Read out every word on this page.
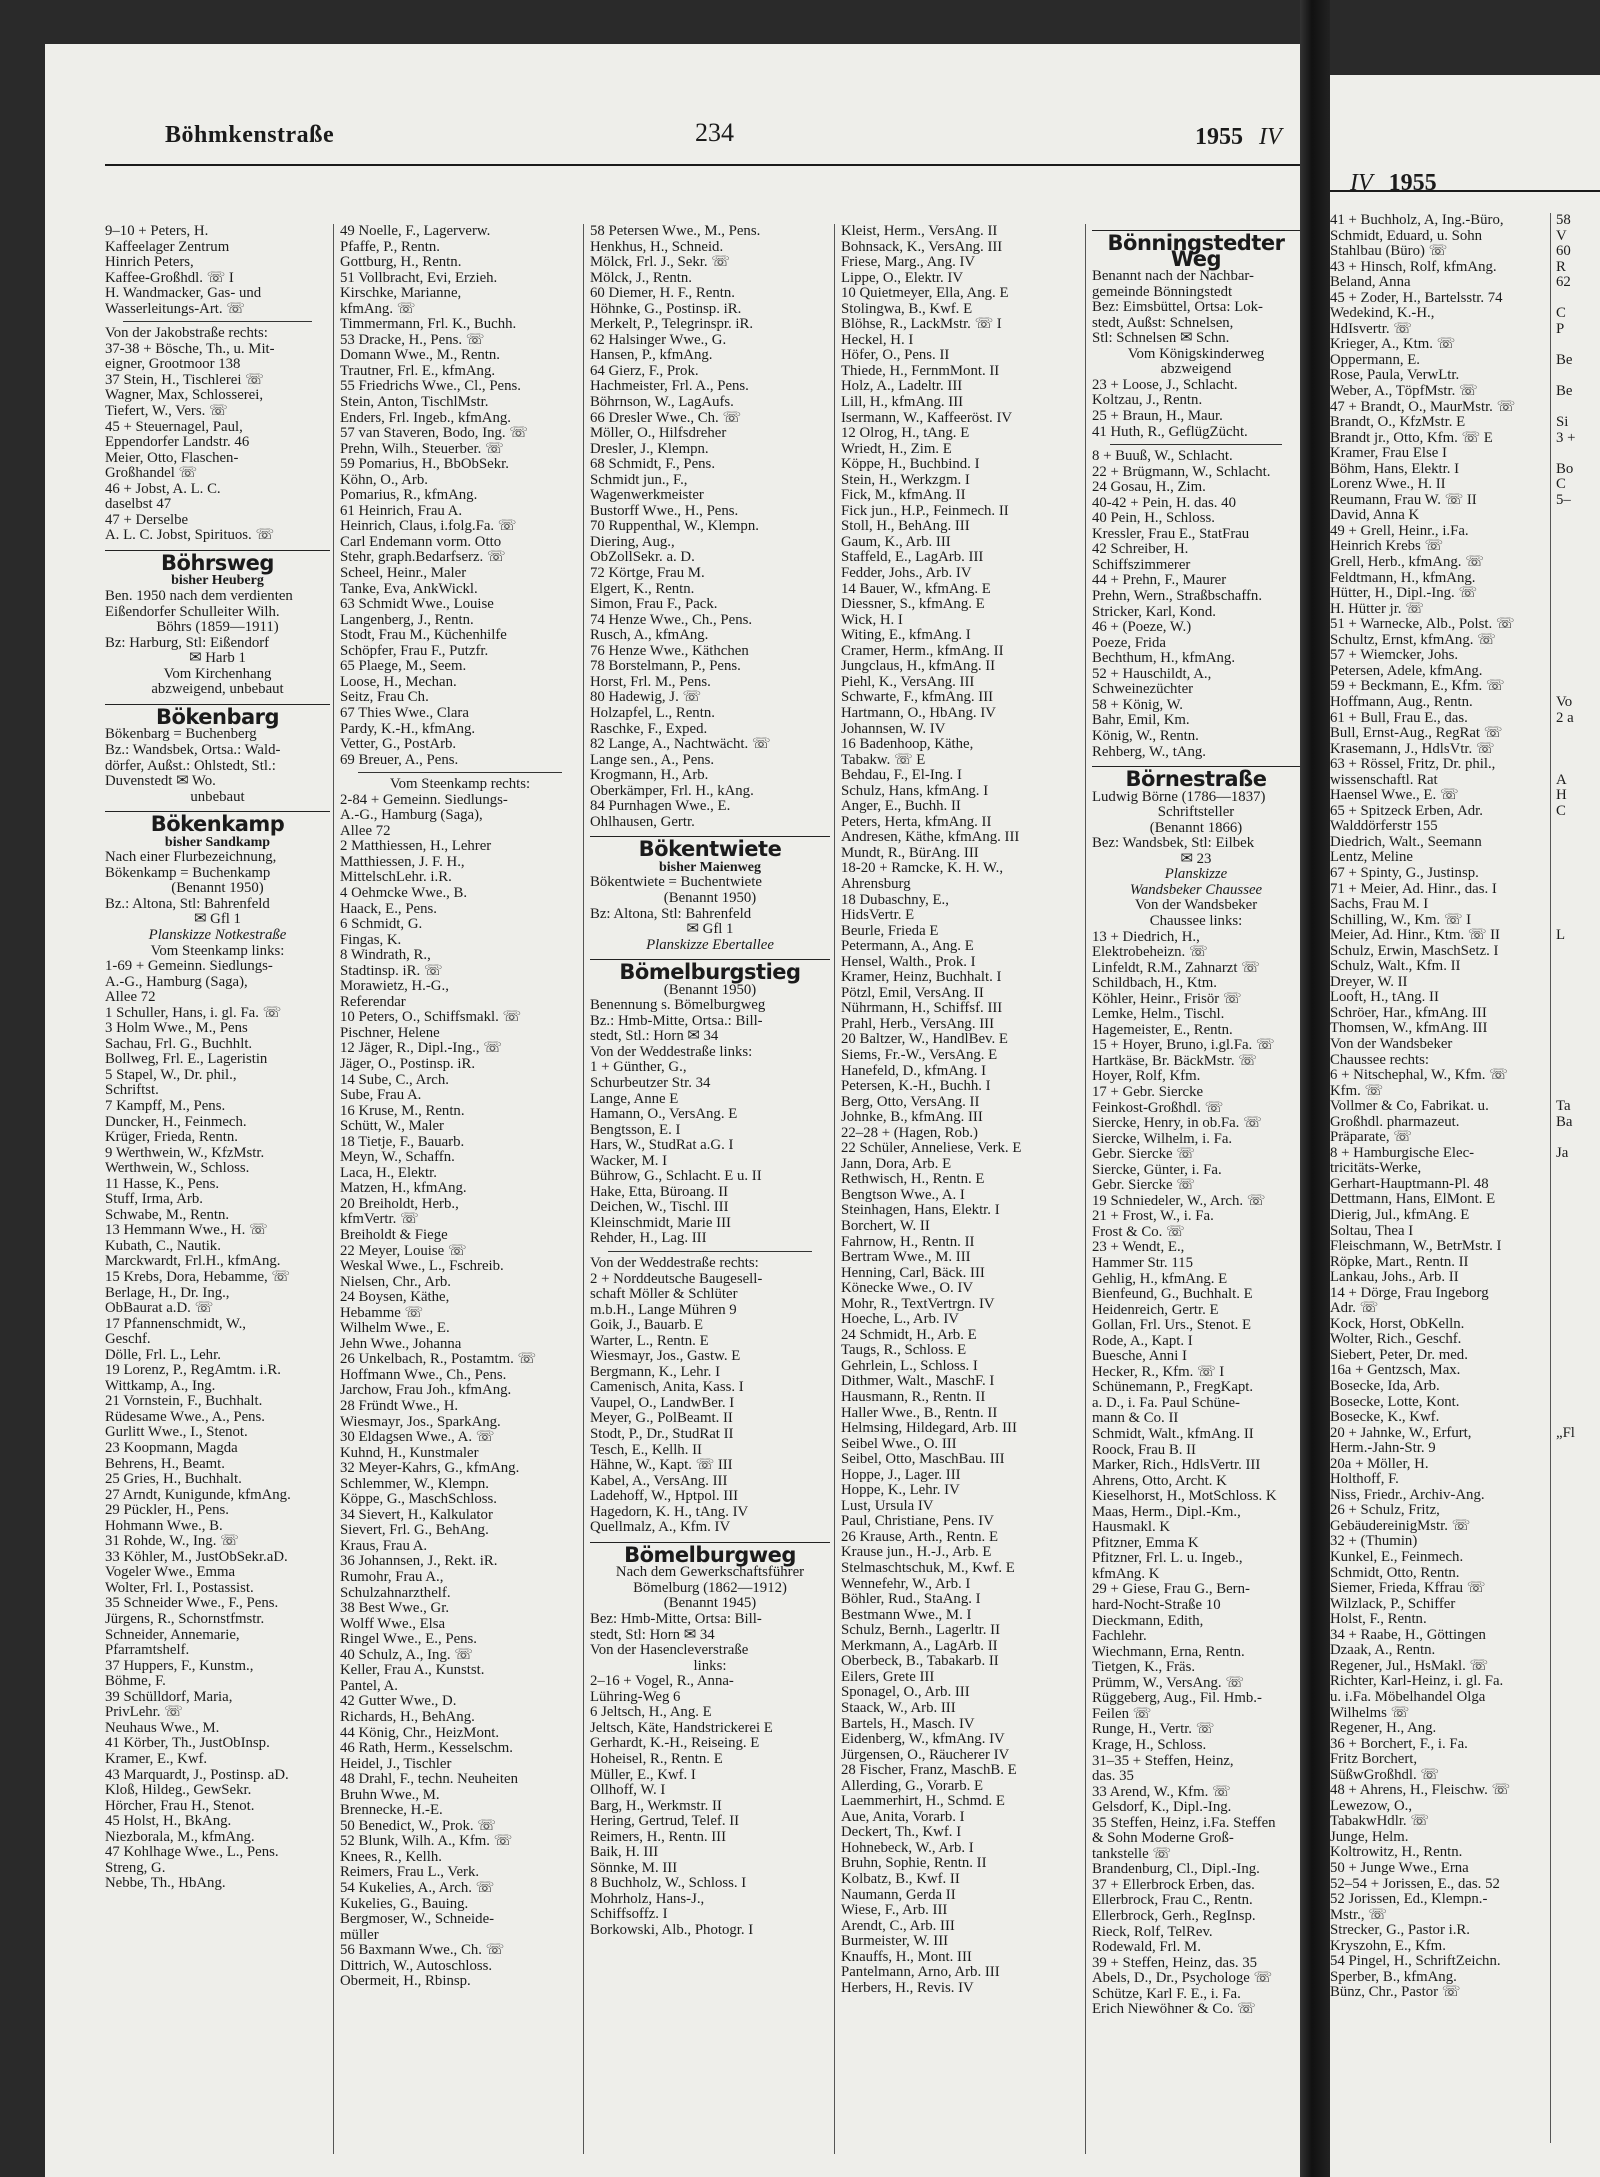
Böhmkenstraße	234	1955 IV

9–10 + Peters, H.

Kaffeelager Zentrum

Hinrich Peters,

Kaffee-Großhdl. ☏ I

H. Wandmacker, Gas- und

Wasserleitungs-Art. ☏

Von der Jakobstraße rechts:

37-38 + Bösche, Th., u. Mit-

eigner, Grootmoor 138

37 Stein, H., Tischlerei ☏

Wagner, Max, Schlosserei,

Tiefert, W., Vers. ☏

45 + Steuernagel, Paul,

Eppendorfer Landstr. 46

Meier, Otto, Flaschen-

Großhandel ☏

46 + Jobst, A. L. C.

daselbst 47

47 + Derselbe

A. L. C. Jobst, Spirituos. ☏

Böhrsweg

bisher Heuberg

Ben. 1950 nach dem verdienten

Eißendorfer Schulleiter Wilh.

Böhrs (1859—1911)

Bz: Harburg, Stl: Eißendorf

✉ Harb 1

Vom Kirchenhang

abzweigend, unbebaut

Bökenbarg

Bökenbarg = Buchenberg

Bz.: Wandsbek, Ortsa.: Wald-

dörfer, Außst.: Ohlstedt, Stl.:

Duvenstedt ✉ Wo.

unbebaut

Bökenkamp

bisher Sandkamp

Nach einer Flurbezeichnung,

Bökenkamp = Buchenkamp

(Benannt 1950)

Bz.: Altona, Stl: Bahrenfeld

✉ Gfl 1

Planskizze Notkestraße

Vom Steenkamp links:

1-69 + Gemeinn. Siedlungs-

A.-G., Hamburg (Saga),

Allee 72

1 Schuller, Hans, i. gl. Fa. ☏

3 Holm Wwe., M., Pens

Sachau, Frl. G., Buchhlt.

Bollweg, Frl. E., Lageristin

5 Stapel, W., Dr. phil.,

Schriftst.

7 Kampff, M., Pens.

Duncker, H., Feinmech.

Krüger, Frieda, Rentn.

9 Werthwein, W., KfzMstr.

Werthwein, W., Schloss.

11 Hasse, K., Pens.

Stuff, Irma, Arb.

Schwabe, M., Rentn.

13 Hemmann Wwe., H. ☏

Kubath, C., Nautik.

Marckwardt, Frl.H., kfmAng.

15 Krebs, Dora, Hebamme, ☏

Berlage, H., Dr. Ing.,

ObBaurat a.D. ☏

17 Pfannenschmidt, W.,

Geschf.

Dölle, Frl. L., Lehr.

19 Lorenz, P., RegAmtm. i.R.

Wittkamp, A., Ing.

21 Vornstein, F., Buchhalt.

Rüdesame Wwe., A., Pens.

Gurlitt Wwe., I., Stenot.

23 Koopmann, Magda

Behrens, H., Beamt.

25 Gries, H., Buchhalt.

27 Arndt, Kunigunde, kfmAng.

29 Pückler, H., Pens.

Hohmann Wwe., B.

31 Rohde, W., Ing. ☏

33 Köhler, M., JustObSekr.aD.

Vogeler Wwe., Emma

Wolter, Frl. I., Postassist.

35 Schneider Wwe., F., Pens.

Jürgens, R., Schornstfmstr.

Schneider, Annemarie,

Pfarramtshelf.

37 Huppers, F., Kunstm.,

Böhme, F.

39 Schülldorf, Maria,

PrivLehr. ☏

Neuhaus Wwe., M.

41 Körber, Th., JustObInsp.

Kramer, E., Kwf.

43 Marquardt, J., Postinsp. aD.

Kloß, Hildeg., GewSekr.

Hörcher, Frau H., Stenot.

45 Holst, H., BkAng.

Niezborala, M., kfmAng.

47 Kohlhage Wwe., L., Pens.

Streng, G.

Nebbe, Th., HbAng.

49 Noelle, F., Lagerverw.

Pfaffe, P., Rentn.

Gottburg, H., Rentn.

51 Vollbracht, Evi, Erzieh.

Kirschke, Marianne,

kfmAng. ☏

Timmermann, Frl. K., Buchh.

53 Dracke, H., Pens. ☏

Domann Wwe., M., Rentn.

Trautner, Frl. E., kfmAng.

55 Friedrichs Wwe., Cl., Pens.

Stein, Anton, TischlMstr.

Enders, Frl. Ingeb., kfmAng.

57 van Staveren, Bodo, Ing. ☏

Prehn, Wilh., Steuerber. ☏

59 Pomarius, H., BbObSekr.

Köhn, O., Arb.

Pomarius, R., kfmAng.

61 Heinrich, Frau A.

Heinrich, Claus, i.folg.Fa. ☏

Carl Endemann vorm. Otto

Stehr, graph.Bedarfserz. ☏

Scheel, Heinr., Maler

Tanke, Eva, AnkWickl.

63 Schmidt Wwe., Louise

Langenberg, J., Rentn.

Stodt, Frau M., Küchenhilfe

Schöpfer, Frau F., Putzfr.

65 Plaege, M., Seem.

Loose, H., Mechan.

Seitz, Frau Ch.

67 Thies Wwe., Clara

Pardy, K.-H., kfmAng.

Vetter, G., PostArb.

69 Breuer, A., Pens.

Vom Steenkamp rechts:

2-84 + Gemeinn. Siedlungs-

A.-G., Hamburg (Saga),

Allee 72

2 Matthiessen, H., Lehrer

Matthiessen, J. F. H.,

MittelschLehr. i.R.

4 Oehmcke Wwe., B.

Haack, E., Pens.

6 Schmidt, G.

Fingas, K.

8 Windrath, R.,

Stadtinsp. iR. ☏

Morawietz, H.-G.,

Referendar

10 Peters, O., Schiffsmakl. ☏

Pischner, Helene

12 Jäger, R., Dipl.-Ing., ☏

Jäger, O., Postinsp. iR.

14 Sube, C., Arch.

Sube, Frau A.

16 Kruse, M., Rentn.

Schütt, W., Maler

18 Tietje, F., Bauarb.

Meyn, W., Schaffn.

Laca, H., Elektr.

Matzen, H., kfmAng.

20 Breiholdt, Herb.,

kfmVertr. ☏

Breiholdt & Fiege

22 Meyer, Louise ☏

Weskal Wwe., L., Fschreib.

Nielsen, Chr., Arb.

24 Boysen, Käthe,

Hebamme ☏

Wilhelm Wwe., E.

Jehn Wwe., Johanna

26 Unkelbach, R., Postamtm. ☏

Hoffmann Wwe., Ch., Pens.

Jarchow, Frau Joh., kfmAng.

28 Fründt Wwe., H.

Wiesmayr, Jos., SparkAng.

30 Eldagsen Wwe., A. ☏

Kuhnd, H., Kunstmaler

32 Meyer-Kahrs, G., kfmAng.

Schlemmer, W., Klempn.

Köppe, G., MaschSchloss.

34 Sievert, H., Kalkulator

Sievert, Frl. G., BehAng.

Kraus, Frau A.

36 Johannsen, J., Rekt. iR.

Rumohr, Frau A.,

Schulzahnarzthelf.

38 Best Wwe., Gr.

Wolff Wwe., Elsa

Ringel Wwe., E., Pens.

40 Schulz, A., Ing. ☏

Keller, Frau A., Kunstst.

Pantel, A.

42 Gutter Wwe., D.

Richards, H., BehAng.

44 König, Chr., HeizMont.

46 Rath, Herm., Kesselschm.

Heidel, J., Tischler

48 Drahl, F., techn. Neuheiten

Bruhn Wwe., M.

Brennecke, H.-E.

50 Benedict, W., Prok. ☏

52 Blunk, Wilh. A., Kfm. ☏

Knees, R., Kellh.

Reimers, Frau L., Verk.

54 Kukelies, A., Arch. ☏

Kukelies, G., Bauing.

Bergmoser, W., Schneide-

müller

56 Baxmann Wwe., Ch. ☏

Dittrich, W., Autoschloss.

Obermeit, H., Rbinsp.

58 Petersen Wwe., M., Pens.

Henkhus, H., Schneid.

Mölck, Frl. J., Sekr. ☏

Mölck, J., Rentn.

60 Diemer, H. F., Rentn.

Höhnke, G., Postinsp. iR.

Merkelt, P., Telegrinspr. iR.

62 Halsinger Wwe., G.

Hansen, P., kfmAng.

64 Gierz, F., Prok.

Hachmeister, Frl. A., Pens.

Böhrnson, W., LagAufs.

66 Dresler Wwe., Ch. ☏

Möller, O., Hilfsdreher

Dresler, J., Klempn.

68 Schmidt, F., Pens.

Schmidt jun., F.,

Wagenwerkmeister

Bustorff Wwe., H., Pens.

70 Ruppenthal, W., Klempn.

Diering, Aug.,

ObZollSekr. a. D.

72 Körtge, Frau M.

Elgert, K., Rentn.

Simon, Frau F., Pack.

74 Henze Wwe., Ch., Pens.

Rusch, A., kfmAng.

76 Henze Wwe., Käthchen

78 Borstelmann, P., Pens.

Horst, Frl. M., Pens.

80 Hadewig, J. ☏

Holzapfel, L., Rentn.

Raschke, F., Exped.

82 Lange, A., Nachtwächt. ☏

Lange sen., A., Pens.

Krogmann, H., Arb.

Oberkämper, Frl. H., kAng.

84 Purnhagen Wwe., E.

Ohlhausen, Gertr.

Bökentwiete

bisher Maienweg

Bökentwiete = Buchentwiete

(Benannt 1950)

Bz: Altona, Stl: Bahrenfeld

✉ Gfl 1

Planskizze Ebertallee

Bömelburgstieg

(Benannt 1950)

Benennung s. Bömelburgweg

Bz.: Hmb-Mitte, Ortsa.: Bill-

stedt, Stl.: Horn ✉ 34

Von der Weddestraße links:

1 + Günther, G.,

Schurbeutzer Str. 34

Lange, Anne E

Hamann, O., VersAng. E

Bengtsson, E. I

Hars, W., StudRat a.G. I

Wacker, M. I

Bührow, G., Schlacht. E u. II

Hake, Etta, Büroang. II

Deichen, W., Tischl. III

Kleinschmidt, Marie III

Rehder, H., Lag. III

Von der Weddestraße rechts:

2 + Norddeutsche Baugesell-

schaft Möller & Schlüter

m.b.H., Lange Mühren 9

Goik, J., Bauarb. E

Warter, L., Rentn. E

Wiesmayr, Jos., Gastw. E

Bergmann, K., Lehr. I

Camenisch, Anita, Kass. I

Vaupel, O., LandwBer. I

Meyer, G., PolBeamt. II

Stodt, P., Dr., StudRat II

Tesch, E., Kellh. II

Hähne, W., Kapt. ☏ III

Kabel, A., VersAng. III

Ladehoff, W., Hptpol. III

Hagedorn, K. H., tAng. IV

Quellmalz, A., Kfm. IV

Bömelburgweg

Nach dem Gewerkschaftsführer

Bömelburg (1862—1912)

(Benannt 1945)

Bez: Hmb-Mitte, Ortsa: Bill-

stedt, Stl: Horn ✉ 34

Von der Hasencleverstraße

links:

2–16 + Vogel, R., Anna-

Lühring-Weg 6

6 Jeltsch, H., Ang. E

Jeltsch, Käte, Handstrickerei E

Gerhardt, K.-H., Reiseing. E

Hoheisel, R., Rentn. E

Müller, E., Kwf. I

Ollhoff, W. I

Barg, H., Werkmstr. II

Hering, Gertrud, Telef. II

Reimers, H., Rentn. III

Baik, H. III

Sönnke, M. III

8 Buchholz, W., Schloss. I

Mohrholz, Hans-J.,

Schiffsoffz. I

Borkowski, Alb., Photogr. I

Kleist, Herm., VersAng. II

Bohnsack, K., VersAng. III

Friese, Marg., Ang. IV

Lippe, O., Elektr. IV

10 Quietmeyer, Ella, Ang. E

Stolingwa, B., Kwf. E

Blöhse, R., LackMstr. ☏ I

Heckel, H. I

Höfer, O., Pens. II

Thiede, H., FernmMont. II

Holz, A., Ladeltr. III

Lill, H., kfmAng. III

Isermann, W., Kaffeeröst. IV

12 Olrog, H., tAng. E

Wriedt, H., Zim. E

Köppe, H., Buchbind. I

Stein, H., Werkzgm. I

Fick, M., kfmAng. II

Fick jun., H.P., Feinmech. II

Stoll, H., BehAng. III

Gaum, K., Arb. III

Staffeld, E., LagArb. III

Fedder, Johs., Arb. IV

14 Bauer, W., kfmAng. E

Diessner, S., kfmAng. E

Wick, H. I

Witing, E., kfmAng. I

Cramer, Herm., kfmAng. II

Jungclaus, H., kfmAng. II

Piehl, K., VersAng. III

Schwarte, F., kfmAng. III

Hartmann, O., HbAng. IV

Johannsen, W. IV

16 Badenhoop, Käthe,

Tabakw. ☏ E

Behdau, F., El-Ing. I

Schulz, Hans, kfmAng. I

Anger, E., Buchh. II

Peters, Herta, kfmAng. II

Andresen, Käthe, kfmAng. III

Mundt, R., BürAng. III

18-20 + Ramcke, K. H. W.,

Ahrensburg

18 Dubaschny, E.,

HidsVertr. E

Beurle, Frieda E

Petermann, A., Ang. E

Hensel, Walth., Prok. I

Kramer, Heinz, Buchhalt. I

Pötzl, Emil, VersAng. II

Nührmann, H., Schiffsf. III

Prahl, Herb., VersAng. III

20 Baltzer, W., HandlBev. E

Siems, Fr.-W., VersAng. E

Hanefeld, D., kfmAng. I

Petersen, K.-H., Buchh. I

Berg, Otto, VersAng. II

Johnke, B., kfmAng. III

22–28 + (Hagen, Rob.)

22 Schüler, Anneliese, Verk. E

Jann, Dora, Arb. E

Rethwisch, H., Rentn. E

Bengtson Wwe., A. I

Steinhagen, Hans, Elektr. I

Borchert, W. II

Fahrnow, H., Rentn. II

Bertram Wwe., M. III

Henning, Carl, Bäck. III

Könecke Wwe., O. IV

Mohr, R., TextVertrgn. IV

Hoeche, L., Arb. IV

24 Schmidt, H., Arb. E

Taugs, R., Schloss. E

Gehrlein, L., Schloss. I

Dithmer, Walt., MaschF. I

Hausmann, R., Rentn. II

Haller Wwe., B., Rentn. II

Helmsing, Hildegard, Arb. III

Seibel Wwe., O. III

Seibel, Otto, MaschBau. III

Hoppe, J., Lager. III

Hoppe, K., Lehr. IV

Lust, Ursula IV

Paul, Christiane, Pens. IV

26 Krause, Arth., Rentn. E

Krause jun., H.-J., Arb. E

Stelmaschtschuk, M., Kwf. E

Wennefehr, W., Arb. I

Böhler, Rud., StaAng. I

Bestmann Wwe., M. I

Schulz, Bernh., Lagerltr. II

Merkmann, A., LagArb. II

Oberbeck, B., Tabakarb. II

Eilers, Grete III

Sponagel, O., Arb. III

Staack, W., Arb. III

Bartels, H., Masch. IV

Eidenberg, W., kfmAng. IV

Jürgensen, O., Räucherer IV

28 Fischer, Franz, MaschB. E

Allerding, G., Vorarb. E

Laemmerhirt, H., Schmd. E

Aue, Anita, Vorarb. I

Deckert, Th., Kwf. I

Hohnebeck, W., Arb. I

Bruhn, Sophie, Rentn. II

Kolbatz, B., Kwf. II

Naumann, Gerda II

Wiese, F., Arb. III

Arendt, C., Arb. III

Burmeister, W. III

Knauffs, H., Mont. III

Pantelmann, Arno, Arb. III

Herbers, H., Revis. IV

Bönningstedter Weg

Benannt nach der Nachbar-

gemeinde Bönningstedt

Bez: Eimsbüttel, Ortsa: Lok-

stedt, Außst: Schnelsen,

Stl: Schnelsen ✉ Schn.

Vom Königskinderweg

abzweigend

23 + Loose, J., Schlacht.

Koltzau, J., Rentn.

25 + Braun, H., Maur.

41 Huth, R., GeflügZücht.

8 + Buuß, W., Schlacht.

22 + Brügmann, W., Schlacht.

24 Gosau, H., Zim.

40-42 + Pein, H. das. 40

40 Pein, H., Schloss.

Kressler, Frau E., StatFrau

42 Schreiber, H.

Schiffszimmerer

44 + Prehn, F., Maurer

Prehn, Wern., Straßbschaffn.

Stricker, Karl, Kond.

46 + (Poeze, W.)

Poeze, Frida

Bechthum, H., kfmAng.

52 + Hauschildt, A.,

Schweinezüchter

58 + König, W.

Bahr, Emil, Km.

König, W., Rentn.

Rehberg, W., tAng.

Börnestraße

Ludwig Börne (1786—1837)

Schriftsteller

(Benannt 1866)

Bez: Wandsbek, Stl: Eilbek

✉ 23

Planskizze

Wandsbeker Chaussee

Von der Wandsbeker

Chaussee links:

13 + Diedrich, H.,

Elektrobeheizn. ☏

Linfeldt, R.M., Zahnarzt ☏

Schildbach, H., Ktm.

Köhler, Heinr., Frisör ☏

Lemke, Helm., Tischl.

Hagemeister, E., Rentn.

15 + Hoyer, Bruno, i.gl.Fa. ☏

Hartkäse, Br. BäckMstr. ☏

Hoyer, Rolf, Kfm.

17 + Gebr. Siercke

Feinkost-Großhdl. ☏

Siercke, Henry, in ob.Fa. ☏

Siercke, Wilhelm, i. Fa.

Gebr. Siercke ☏

Siercke, Günter, i. Fa.

Gebr. Siercke ☏

19 Schniedeler, W., Arch. ☏

21 + Frost, W., i. Fa.

Frost & Co. ☏

23 + Wendt, E.,

Hammer Str. 115

Gehlig, H., kfmAng. E

Bienfeund, G., Buchhalt. E

Heidenreich, Gertr. E

Gollan, Frl. Urs., Stenot. E

Rode, A., Kapt. I

Buesche, Anni I

Hecker, R., Kfm. ☏ I

Schünemann, P., FregKapt.

a. D., i. Fa. Paul Schüne-

mann & Co. II

Schmidt, Walt., kfmAng. II

Roock, Frau B. II

Marker, Rich., HdlsVertr. III

Ahrens, Otto, Archt. K

Kieselhorst, H., MotSchloss. K

Maas, Herm., Dipl.-Km.,

Hausmakl. K

Pfitzner, Emma K

Pfitzner, Frl. L. u. Ingeb.,

kfmAng. K

29 + Giese, Frau G., Bern-

hard-Nocht-Straße 10

Dieckmann, Edith,

Fachlehr.

Wiechmann, Erna, Rentn.

Tietgen, K., Fräs.

Prümm, W., VersAng. ☏

Rüggeberg, Aug., Fil. Hmb.-

Feilen ☏

Runge, H., Vertr. ☏

Krage, H., Schloss.

31–35 + Steffen, Heinz,

das. 35

33 Arend, W., Kfm. ☏

Gelsdorf, K., Dipl.-Ing.

35 Steffen, Heinz, i.Fa. Steffen

& Sohn Moderne Groß-

tankstelle ☏

Brandenburg, Cl., Dipl.-Ing.

37 + Ellerbrock Erben, das.

Ellerbrock, Frau C., Rentn.

Ellerbrock, Gerh., RegInsp.

Rieck, Rolf, TelRev.

Rodewald, Frl. M.

39 + Steffen, Heinz, das. 35

Abels, D., Dr., Psychologe ☏

Schütze, Karl F. E., i. Fa.

Erich Niewöhner & Co. ☏

IV 1955

41 + Buchholz, A, Ing.-Büro,

Schmidt, Eduard, u. Sohn

Stahlbau (Büro) ☏

43 + Hinsch, Rolf, kfmAng.

Beland, Anna

45 + Zoder, H., Bartelsstr. 74

Wedekind, K.-H.,

HdIsvertr. ☏

Krieger, A., Ktm. ☏

Oppermann, E.

Rose, Paula, VerwLtr.

Weber, A., TöpfMstr. ☏

47 + Brandt, O., MaurMstr. ☏

Brandt, O., KfzMstr. E

Brandt jr., Otto, Kfm. ☏ E

Kramer, Frau Else I

Böhm, Hans, Elektr. I

Lorenz Wwe., H. II

Reumann, Frau W. ☏ II

David, Anna K

49 + Grell, Heinr., i.Fa.

Heinrich Krebs ☏

Grell, Herb., kfmAng. ☏

Feldtmann, H., kfmAng.

Hütter, H., Dipl.-Ing. ☏

H. Hütter jr. ☏

51 + Warnecke, Alb., Polst. ☏

Schultz, Ernst, kfmAng. ☏

57 + Wiemcker, Johs.

Petersen, Adele, kfmAng.

59 + Beckmann, E., Kfm. ☏

Hoffmann, Aug., Rentn.

61 + Bull, Frau E., das.

Bull, Ernst-Aug., RegRat ☏

Krasemann, J., HdlsVtr. ☏

63 + Rössel, Fritz, Dr. phil.,

wissenschaftl. Rat

Haensel Wwe., E. ☏

65 + Spitzeck Erben, Adr.

Walddörferstr 155

Diedrich, Walt., Seemann

Lentz, Meline

67 + Spinty, G., Justinsp.

71 + Meier, Ad. Hinr., das. I

Sachs, Frau M. I

Schilling, W., Km. ☏ I

Meier, Ad. Hinr., Ktm. ☏ II

Schulz, Erwin, MaschSetz. I

Schulz, Walt., Kfm. II

Dreyer, W. II

Looft, H., tAng. II

Schröer, Har., kfmAng. III

Thomsen, W., kfmAng. III

Von der Wandsbeker

Chaussee rechts:

6 + Nitschephal, W., Kfm. ☏

Kfm. ☏

Vollmer & Co, Fabrikat. u.

Großhdl. pharmazeut.

Präparate, ☏

8 + Hamburgische Elec-

tricitäts-Werke,

Gerhart-Hauptmann-Pl. 48

Dettmann, Hans, ElMont. E

Dierig, Jul., kfmAng. E

Soltau, Thea I

Fleischmann, W., BetrMstr. I

Röpke, Mart., Rentn. II

Lankau, Johs., Arb. II

14 + Dörge, Frau Ingeborg

Adr. ☏

Kock, Horst, ObKelln.

Wolter, Rich., Geschf.

Siebert, Peter, Dr. med.

16a + Gentzsch, Max.

Bosecke, Ida, Arb.

Bosecke, Lotte, Kont.

Bosecke, K., Kwf.

20 + Jahnke, W., Erfurt,

Herm.-Jahn-Str. 9

20a + Möller, H.

Holthoff, F.

Niss, Friedr., Archiv-Ang.

26 + Schulz, Fritz,

GebäudereinigMstr. ☏

32 + (Thumin)

Kunkel, E., Feinmech.

Schmidt, Otto, Rentn.

Siemer, Frieda, Kffrau ☏

Wilzlack, P., Schiffer

Holst, F., Rentn.

34 + Raabe, H., Göttingen

Dzaak, A., Rentn.

Regener, Jul., HsMakl. ☏

Richter, Karl-Heinz, i. gl. Fa.

u. i.Fa. Möbelhandel Olga

Wilhelms ☏

Regener, H., Ang.

36 + Borchert, F., i. Fa.

Fritz Borchert,

SüßwGroßhdl. ☏

48 + Ahrens, H., Fleischw. ☏

Lewezow, O.,

TabakwHdlr. ☏

Junge, Helm.

Koltrowitz, H., Rentn.

50 + Junge Wwe., Erna

52–54 + Jorissen, E., das. 52

52 Jorissen, Ed., Klempn.-

Mstr., ☏

Strecker, G., Pastor i.R.

Kryszohn, E., Kfm.

54 Pingel, H., SchriftZeichn.

Sperber, B., kfmAng.

Bünz, Chr., Pastor ☏

58

V

60

R

62

C

P

Be

Be

Si

3 +

Bo

C

5–

Vo

2 a

A

H

C

L

Ta

Ba

Ja

„Fl
